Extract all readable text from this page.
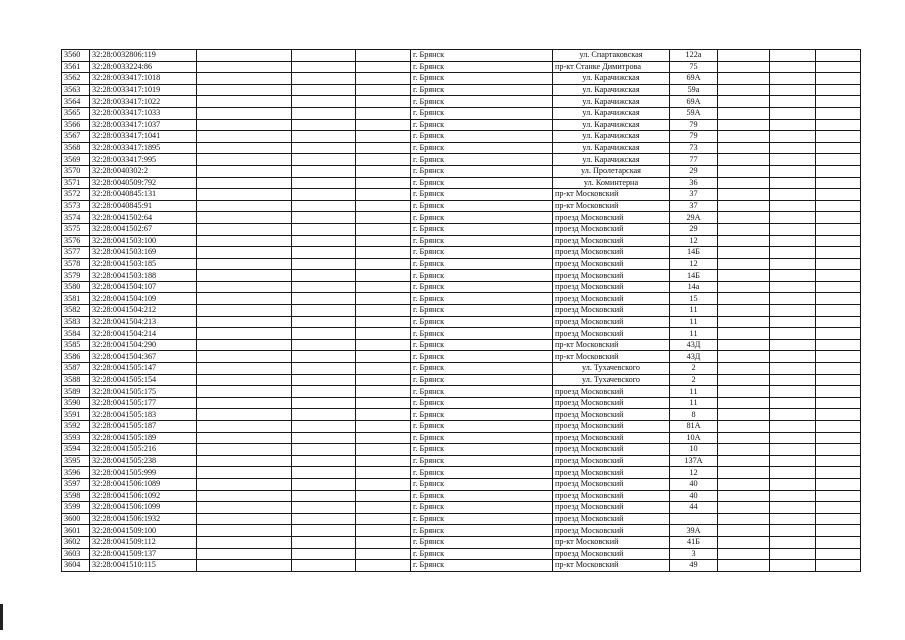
3560	32:28:0032806:119				г. Брянск	ул. Спартаковская	122а			
3561	32:28:0033224:86				г. Брянск	пр-кт Станке Димитрова	75			
3562	32:28:0033417:1018				г. Брянск	ул. Карачижская	69А			
3563	32:28:0033417:1019				г. Брянск	ул. Карачижская	59а			
3564	32:28:0033417:1022				г. Брянск	ул. Карачижская	69А			
3565	32:28:0033417:1033				г. Брянск	ул. Карачижская	59А			
3566	32:28:0033417:1037				г. Брянск	ул. Карачижская	79			
3567	32:28:0033417:1041				г. Брянск	ул. Карачижская	79			
3568	32:28:0033417:1895				г. Брянск	ул. Карачижская	73			
3569	32:28:0033417:995				г. Брянск	ул. Карачижская	77			
3570	32:28:0040302:2				г. Брянск	ул. Пролетарская	29			
3571	32:28:0040509:792				г. Брянск	ул. Коминтерна	36			
3572	32:28:0040845:131				г. Брянск	пр-кт Московский	37			
3573	32:28:0040845:91				г. Брянск	пр-кт Московский	37			
3574	32:28:0041502:64				г. Брянск	проезд Московский	29А			
3575	32:28:0041502:67				г. Брянск	проезд Московский	29			
3576	32:28:0041503:100				г. Брянск	проезд Московский	12			
3577	32:28:0041503:169				г. Брянск	проезд Московский	14Б			
3578	32:28:0041503:185				г. Брянск	проезд Московский	12			
3579	32:28:0041503:188				г. Брянск	проезд Московский	14Б			
3580	32:28:0041504:107				г. Брянск	проезд Московский	14а			
3581	32:28:0041504:109				г. Брянск	проезд Московский	15			
3582	32:28:0041504:212				г. Брянск	проезд Московский	11			
3583	32:28:0041504:213				г. Брянск	проезд Московский	11			
3584	32:28:0041504:214				г. Брянск	проезд Московский	11			
3585	32:28:0041504:290				г. Брянск	пр-кт Московский	43Д			
3586	32:28:0041504:367				г. Брянск	пр-кт Московский	43Д			
3587	32:28:0041505:147				г. Брянск	ул. Тухачевского	2			
3588	32:28:0041505:154				г. Брянск	ул. Тухачевского	2			
3589	32:28:0041505:175				г. Брянск	проезд Московский	11			
3590	32:28:0041505:177				г. Брянск	проезд Московский	11			
3591	32:28:0041505:183				г. Брянск	проезд Московский	8			
3592	32:28:0041505:187				г. Брянск	проезд Московский	81А			
3593	32:28:0041505:189				г. Брянск	проезд Московский	10А			
3594	32:28:0041505:216				г. Брянск	проезд Московский	10			
3595	32:28:0041505:238				г. Брянск	проезд Московский	137А			
3596	32:28:0041505:999				г. Брянск	проезд Московский	12			
3597	32:28:0041506:1089				г. Брянск	проезд Московский	40			
3598	32:28:0041506:1092				г. Брянск	проезд Московский	40			
3599	32:28:0041506:1099				г. Брянск	проезд Московский	44			
3600	32:28:0041506:1932				г. Брянск	проезд Московский				
3601	32:28:0041509:100				г. Брянск	проезд Московский	39А			
3602	32:28:0041509:112				г. Брянск	пр-кт Московский	41Б			
3603	32:28:0041509:137				г. Брянск	проезд Московский	3			
3604	32:28:0041510:115				г. Брянск	пр-кт Московский	49			
